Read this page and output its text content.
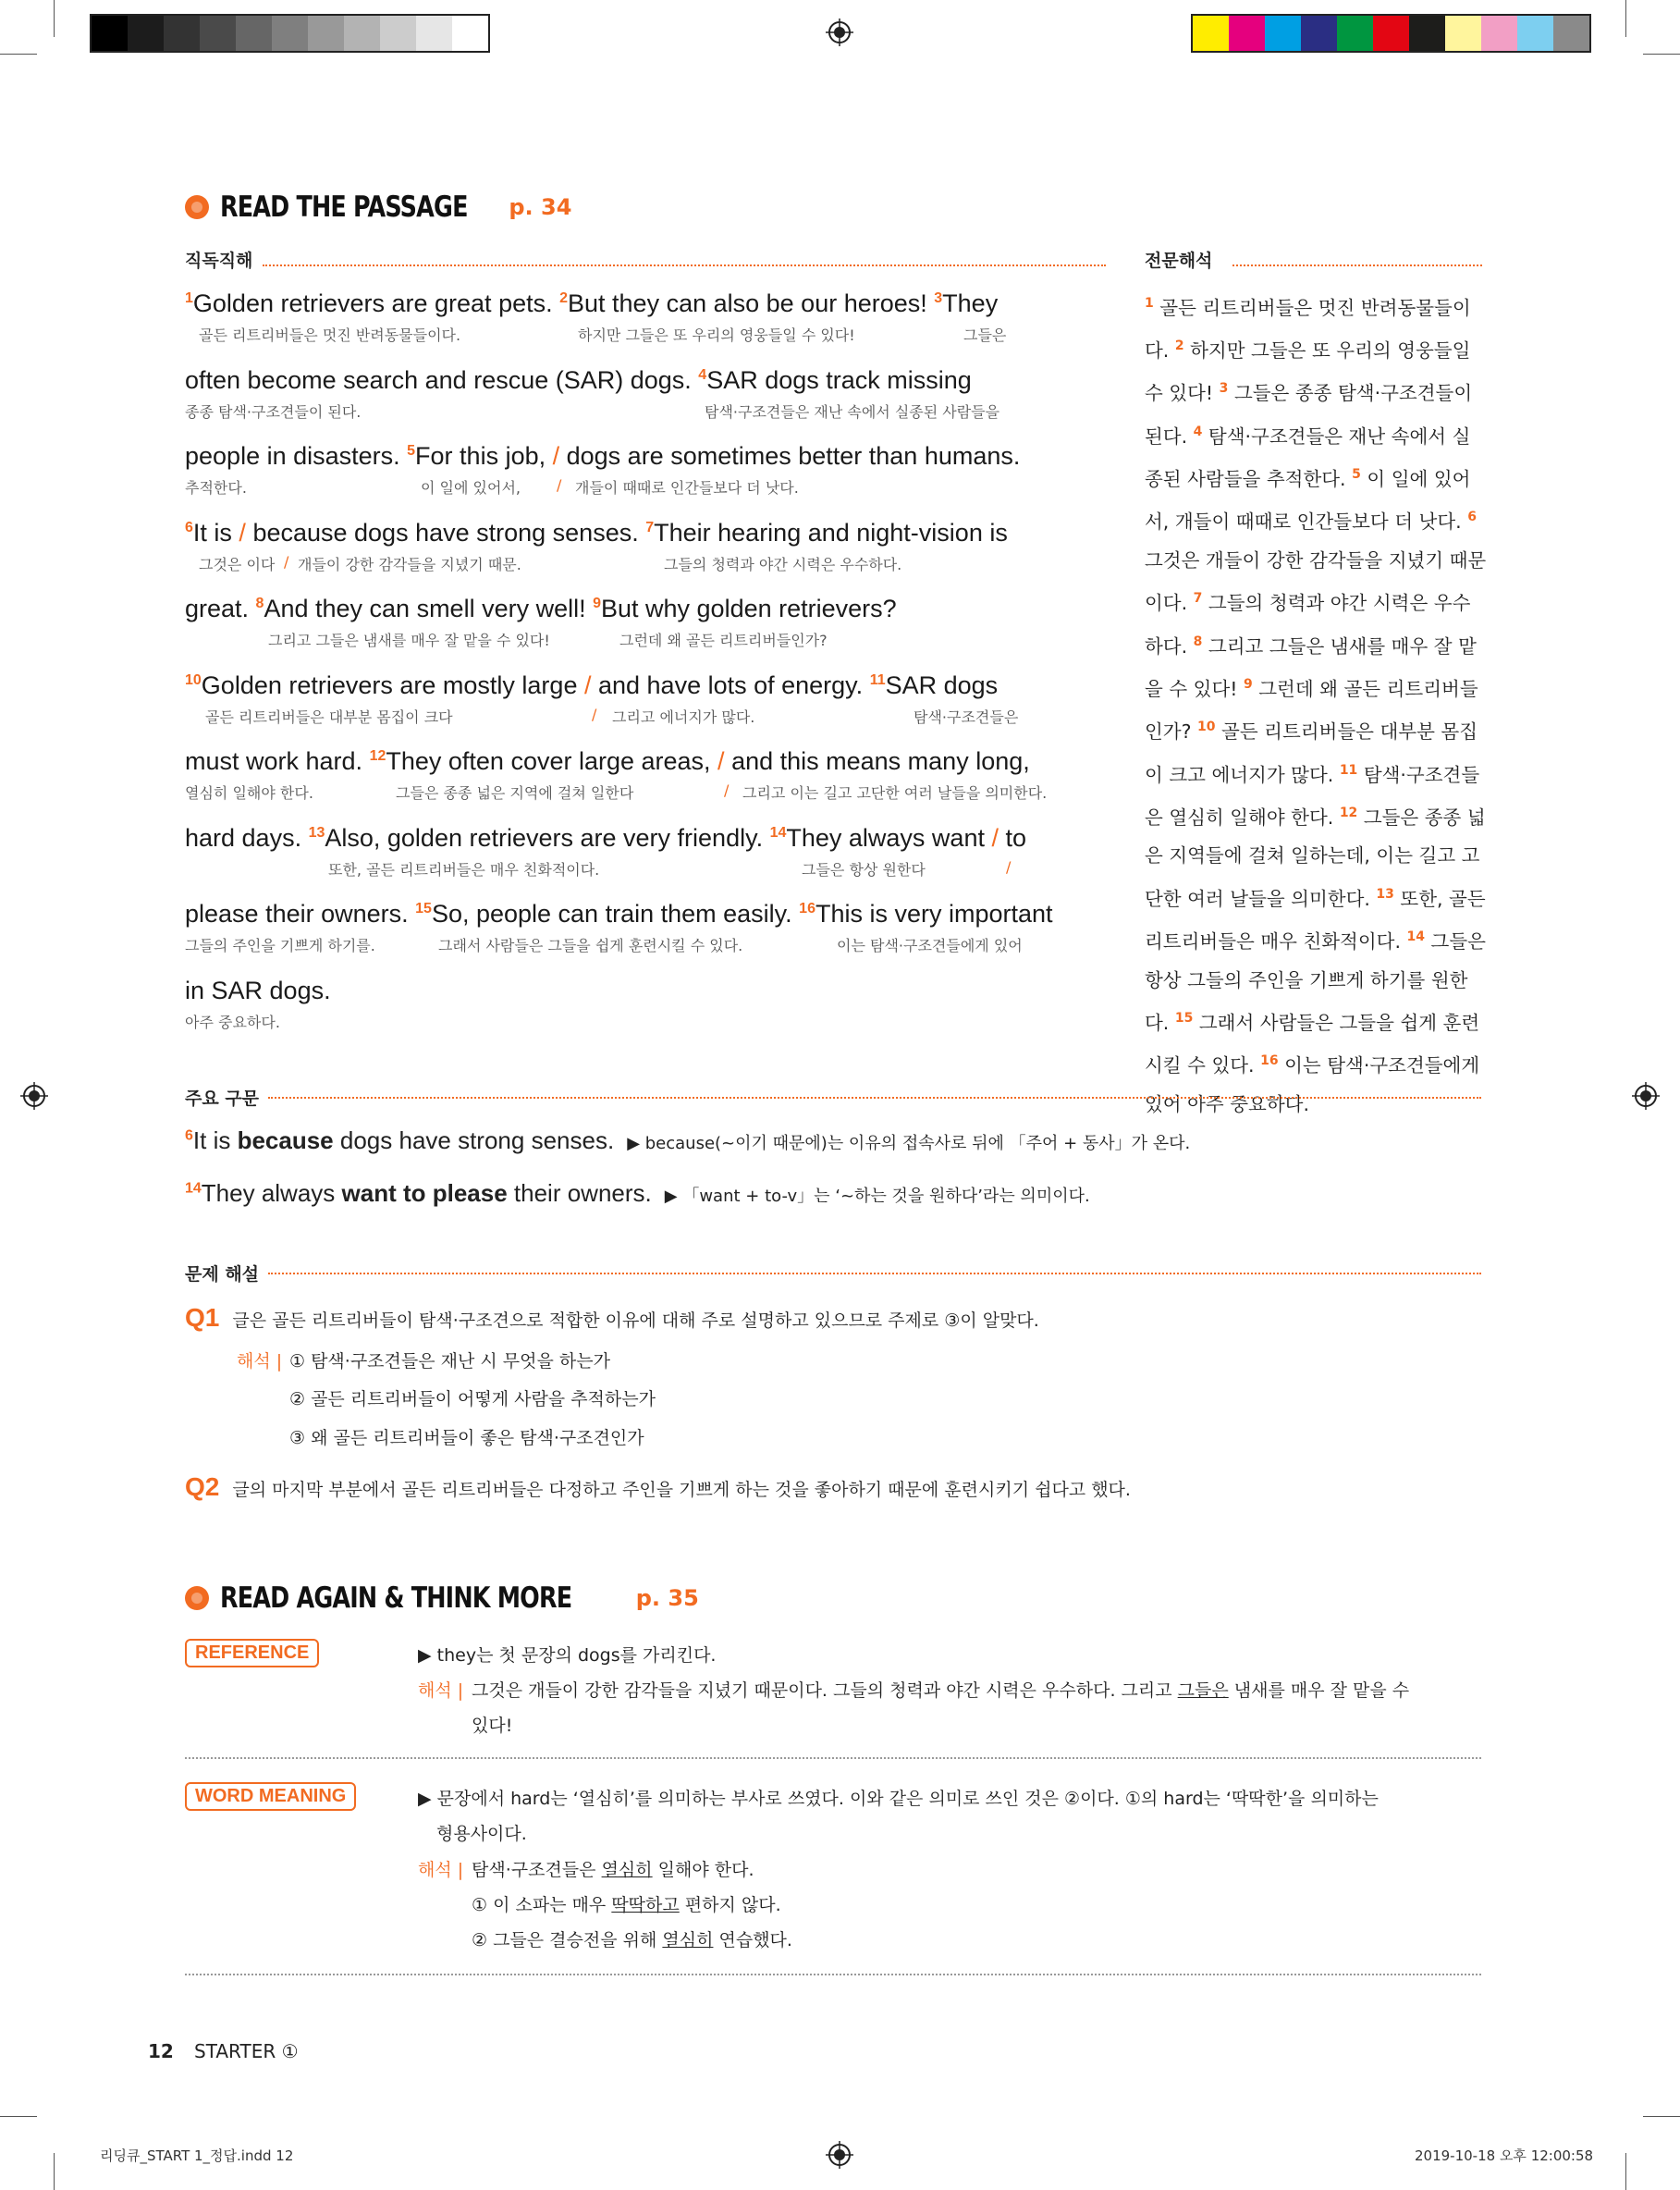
READ THE PASSAGE p. 34
직독직해	전문해석
$^1$Golden retrievers are great pets. $^2$But they can also be our heroes! $^3$They
골든 리트리버들은 멋진 반려동물들이다.	하지만 그들은 또 우리의 영웅들일 수 있다!	그들은
often become search and rescue (SAR) dogs. $^4$SAR dogs track missing
종종 탐색·구조견들이 된다.	탐색·구조견들은 재난 속에서 실종된 사람들을
people in disasters. $^5$For this job, / dogs are sometimes better than humans.
추적한다.	이 일에 있어서, / 개들이 때때로 인간들보다 더 낫다.
$^6$It is / because dogs have strong senses. $^7$Their hearing and night-vision is
그것은 이다 / 개들이 강한 감각들을 지녔기 때문.	그들의 청력과 야간 시력은 우수하다.
great. $^8$And they can smell very well! $^9$But why golden retrievers?
그리고 그들은 냄새를 매우 잘 맡을 수 있다!	그런데 왜 골든 리트리버들인가?
$^{10}$Golden retrievers are mostly large / and have lots of energy. $^{11}$SAR dogs
골든 리트리버들은 대부분 몸집이 크다	/ 그리고 에너지가 많다.	탐색·구조견들은
must work hard. $^{12}$They often cover large areas, / and this means many long,
열심히 일해야 한다.	그들은 종종 넓은 지역에 걸쳐 일한다	/ 그리고 이는 길고 고단한 여러 날들을 의미한다.
hard days. $^{13}$Also, golden retrievers are very friendly. $^{14}$They always want / to
또한, 골든 리트리버들은 매우 친화적이다.	그들은 항상 원한다	/
please their owners. $^{15}$So, people can train them easily. $^{16}$This is very important
그들의 주인을 기쁘게 하기를.	그래서 사람들은 그들을 쉽게 훈련시킬 수 있다.	이는 탐색·구조견들에게 있어
in SAR dogs.
아주 중요하다.
$^1$ 골든 리트리버들은 멋진 반려동물들이다. $^2$ 하지만 그들은 또 우리의 영웅들일 수 있다! $^3$ 그들은 종종 탐색·구조견들이 된다. $^4$ 탐색·구조견들은 재난 속에서 실종된 사람들을 추적한다. $^5$ 이 일에 있어서, 개들이 때때로 인간들보다 더 낫다. $^6$ 그것은 개들이 강한 감각들을 지녔기 때문이다. $^7$ 그들의 청력과 야간 시력은 우수하다. $^8$ 그리고 그들은 냄새를 매우 잘 맡을 수 있다! $^9$ 그런데 왜 골든 리트리버들인가? $^{10}$ 골든 리트리버들은 대부분 몸집이 크고 에너지가 많다. $^{11}$ 탐색·구조견들은 열심히 일해야 한다. $^{12}$ 그들은 종종 넓은 지역들에 걸쳐 일하는데, 이는 길고 고단한 여러 날들을 의미한다. $^{13}$ 또한, 골든 리트리버들은 매우 친화적이다. $^{14}$ 그들은 항상 그들의 주인을 기쁘게 하기를 원한다. $^{15}$ 그래서 사람들은 그들을 쉽게 훈련시킬 수 있다. $^{16}$ 이는 탐색·구조견들에게 있어 아주 중요하다.
주요 구문
$^6$It is because dogs have strong senses. ▶ because(~이기 때문에)는 이유의 접속사로 뒤에 「주어 + 동사」가 온다.
$^{14}$They always want to please their owners. ▶ 「want + to-v」는 ‘~하는 것을 원하다’라는 의미이다.
문제 해설
Q1 글은 골든 리트리버들이 탐색·구조견으로 적합한 이유에 대해 주로 설명하고 있으므로 주제로 ③이 알맞다.
해석 | ① 탐색·구조견들은 재난 시 무엇을 하는가
② 골든 리트리버들이 어떻게 사람을 추적하는가
③ 왜 골든 리트리버들이 좋은 탐색·구조견인가
Q2 글의 마지막 부분에서 골든 리트리버들은 다정하고 주인을 기쁘게 하는 것을 좋아하기 때문에 훈련시키기 쉽다고 했다.
READ AGAIN & THINK MORE	p. 35
REFERENCE	▶ they는 첫 문장의 dogs를 가리킨다.
해석 | 그것은 개들이 강한 감각들을 지녔기 때문이다. 그들의 청력과 야간 시력은 우수하다. 그리고 그들은 냄새를 매우 잘 맡을 수
있다!
WORD MEANING	▶ 문장에서 hard는 ‘열심히’를 의미하는 부사로 쓰였다. 이와 같은 의미로 쓰인 것은 ②이다. ①의 hard는 ‘딱딱한’을 의미하는
형용사이다.
해석 | 탐색·구조견들은 열심히 일해야 한다.
① 이 소파는 매우 딱딱하고 편하지 않다.
② 그들은 결승전을 위해 열심히 연습했다.
12 STARTER ①
리딩큐_START 1_정답.indd 12	2019-10-18 오후 12:00:58
